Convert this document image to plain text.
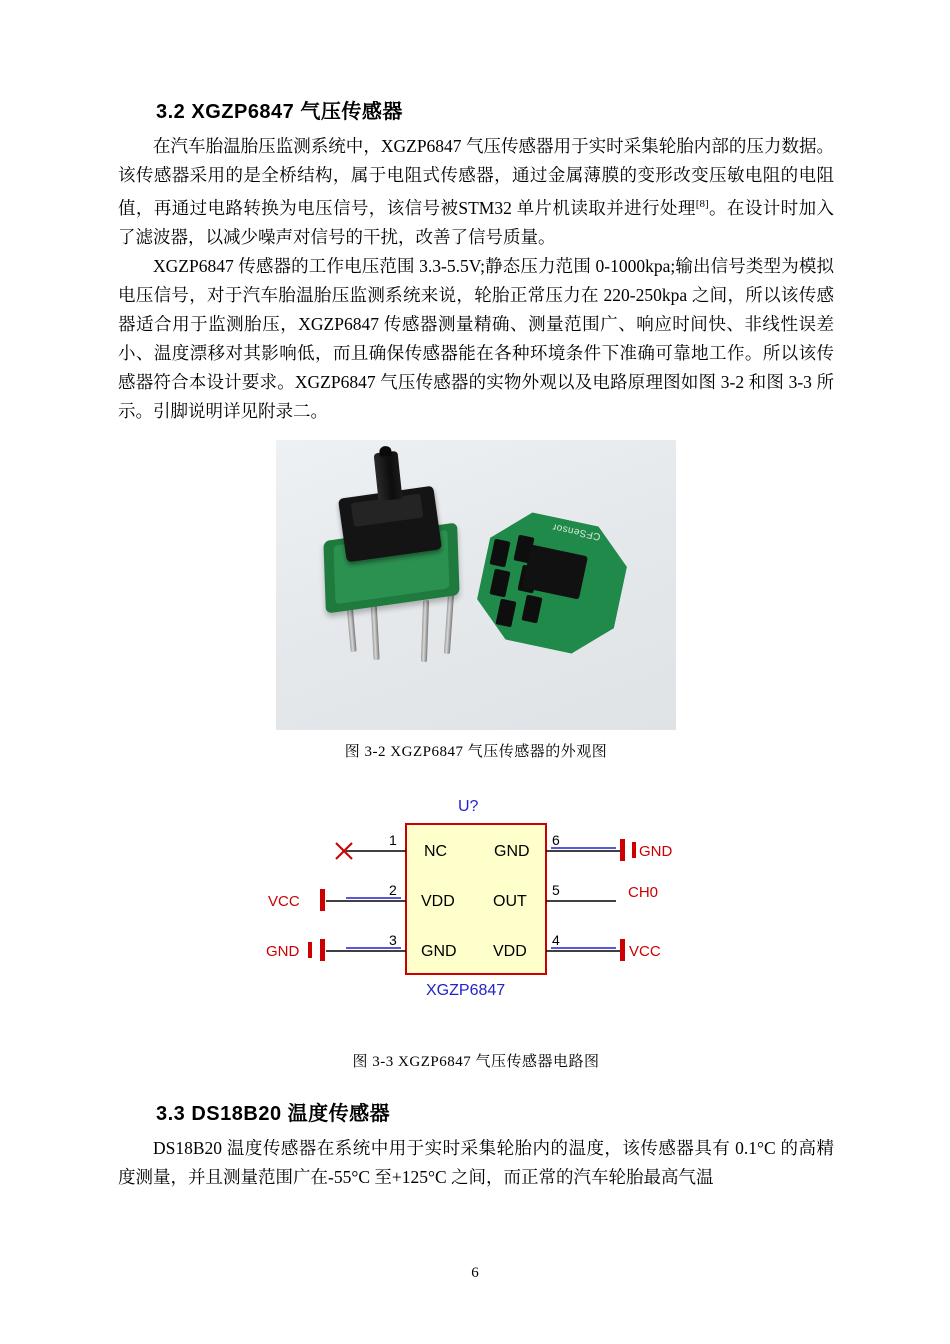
3.2 XGZP6847 气压传感器

在汽车胎温胎压监测系统中，XGZP6847 气压传感器用于实时采集轮胎内部的压力数据。该传感器采用的是全桥结构，属于电阻式传感器，通过金属薄膜的变形改变压敏电阻的电阻值，再通过电路转换为电压信号，该信号被STM32 单片机读取并进行处理[8]。在设计时加入了滤波器，以减少噪声对信号的干扰，改善了信号质量。

XGZP6847 传感器的工作电压范围 3.3-5.5V;静态压力范围 0-1000kpa;输出信号类型为模拟电压信号，对于汽车胎温胎压监测系统来说，轮胎正常压力在 220-250kpa 之间，所以该传感器适合用于监测胎压，XGZP6847 传感器测量精确、测量范围广、响应时间快、非线性误差小、温度漂移对其影响低，而且确保传感器能在各种环境条件下准确可靠地工作。所以该传感器符合本设计要求。XGZP6847 气压传感器的实物外观以及电路原理图如图 3-2 和图 3-3 所示。引脚说明详见附录二。

CFSensor
图 3-2 XGZP6847 气压传感器的外观图
U?
XGZP6847
NC	GND
VDD OUT
GND VDD
1
2
3
6
5
4
VCC
GND
GND
CH0
VCC
图 3-3 XGZP6847 气压传感器电路图
3.3 DS18B20 温度传感器

DS18B20 温度传感器在系统中用于实时采集轮胎内的温度，该传感器具有 0.1°C 的高精度测量，并且测量范围广在-55°C 至+125°C 之间，而正常的汽车轮胎最高气温

6
